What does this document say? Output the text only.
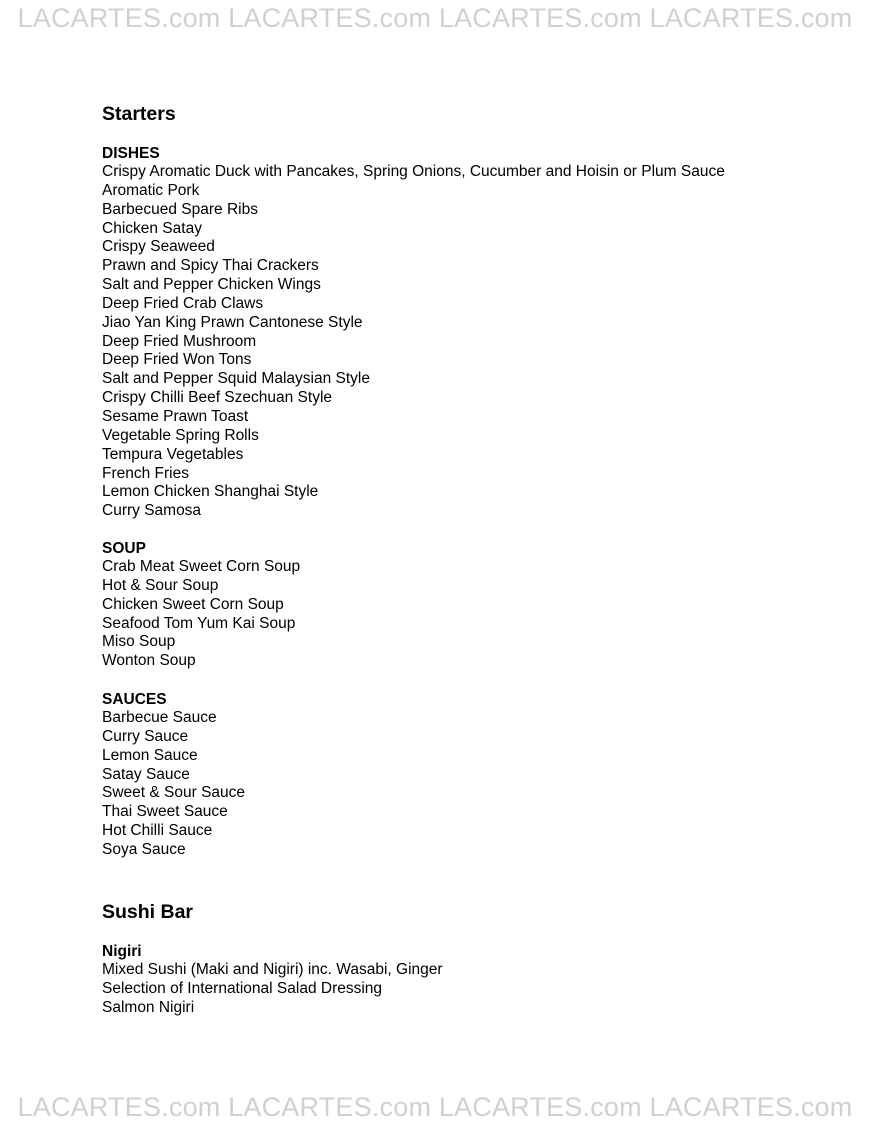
LACARTES.com LACARTES.com LACARTES.com LACARTES.com
Starters
DISHES
Crispy Aromatic Duck with Pancakes, Spring Onions, Cucumber and Hoisin or Plum Sauce
Aromatic Pork
Barbecued Spare Ribs
Chicken Satay
Crispy Seaweed
Prawn and Spicy Thai Crackers
Salt and Pepper Chicken Wings
Deep Fried Crab Claws
Jiao Yan King Prawn Cantonese Style
Deep Fried Mushroom
Deep Fried Won Tons
Salt and Pepper Squid Malaysian Style
Crispy Chilli Beef Szechuan Style
Sesame Prawn Toast
Vegetable Spring Rolls
Tempura Vegetables
French Fries
Lemon Chicken Shanghai Style
Curry Samosa
SOUP
Crab Meat Sweet Corn Soup
Hot & Sour Soup
Chicken Sweet Corn Soup
Seafood Tom Yum Kai Soup
Miso Soup
Wonton Soup
SAUCES
Barbecue Sauce
Curry Sauce
Lemon Sauce
Satay Sauce
Sweet & Sour Sauce
Thai Sweet Sauce
Hot Chilli Sauce
Soya Sauce
Sushi Bar
Nigiri
Mixed Sushi (Maki and Nigiri) inc. Wasabi, Ginger
Selection of International Salad Dressing
Salmon Nigiri
LACARTES.com LACARTES.com LACARTES.com LACARTES.com
